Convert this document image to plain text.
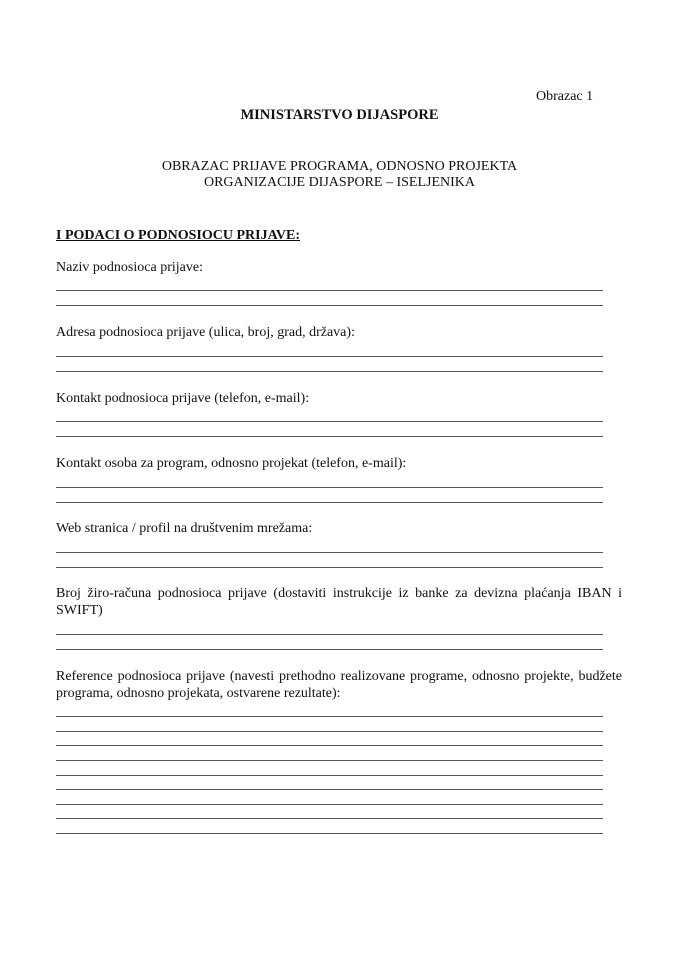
Obrazac 1
MINISTARSTVO DIJASPORE
OBRAZAC PRIJAVE PROGRAMA, ODNOSNO PROJEKTA
ORGANIZACIJE DIJASPORE – ISELJENIKA
I PODACI O PODNOSIOCU PRIJAVE:
Naziv podnosioca prijave:
Adresa podnosioca prijave (ulica, broj, grad, država):
Kontakt podnosioca prijave (telefon, e-mail):
Kontakt osoba za program, odnosno projekat (telefon, e-mail):
Web stranica / profil na društvenim mrežama:
Broj žiro-računa podnosioca prijave (dostaviti instrukcije iz banke za devizna plaćanja IBAN i SWIFT)
Reference podnosioca prijave (navesti prethodno realizovane programe, odnosno projekte, budžete programa, odnosno projekata, ostvarene rezultate):
